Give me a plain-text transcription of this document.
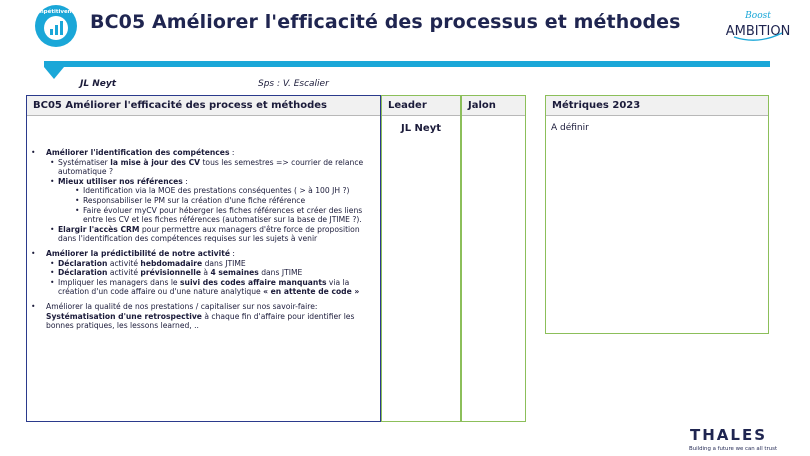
Compétitiveness BC05 Améliorer l'efficacité des processus et méthodes	Boost
AMBITION
JL Neyt	Sps : V. Escalier
BC05 Améliorer l'efficacité des process et méthodes
• Améliorer l'identification des compétences :
• Systématiser la mise à jour des CV tous les semestres => courrier de relance automatique ?
• Mieux utiliser nos références :
• Identification via la MOE des prestations conséquentes ( > à 100 JH ?)
• Responsabiliser le PM sur la création d'une fiche référence
• Faire évoluer myCV pour héberger les fiches références et créer des liens entre les CV et les fiches références (automatiser sur la base de JTIME ?).
• Elargir l'accès CRM pour permettre aux managers d'être force de proposition dans l'identification des compétences requises sur les sujets à venir
• Améliorer la prédictibilité de notre activité :
• Déclaration activité hebdomadaire dans JTIME
• Déclaration activité prévisionnelle à 4 semaines dans JTIME
• Impliquer les managers dans le suivi des codes affaire manquants via la création d'un code affaire ou d'une nature analytique « en attente de code »
• Améliorer la qualité de nos prestations / capitaliser sur nos savoir-faire: Systématisation d'une retrospective à chaque fin d'affaire pour identifier les bonnes pratiques, les lessons learned, ..
Leader
JL Neyt
Jalon	Métriques 2023
A définir
THALES
Building a future we can all trust
